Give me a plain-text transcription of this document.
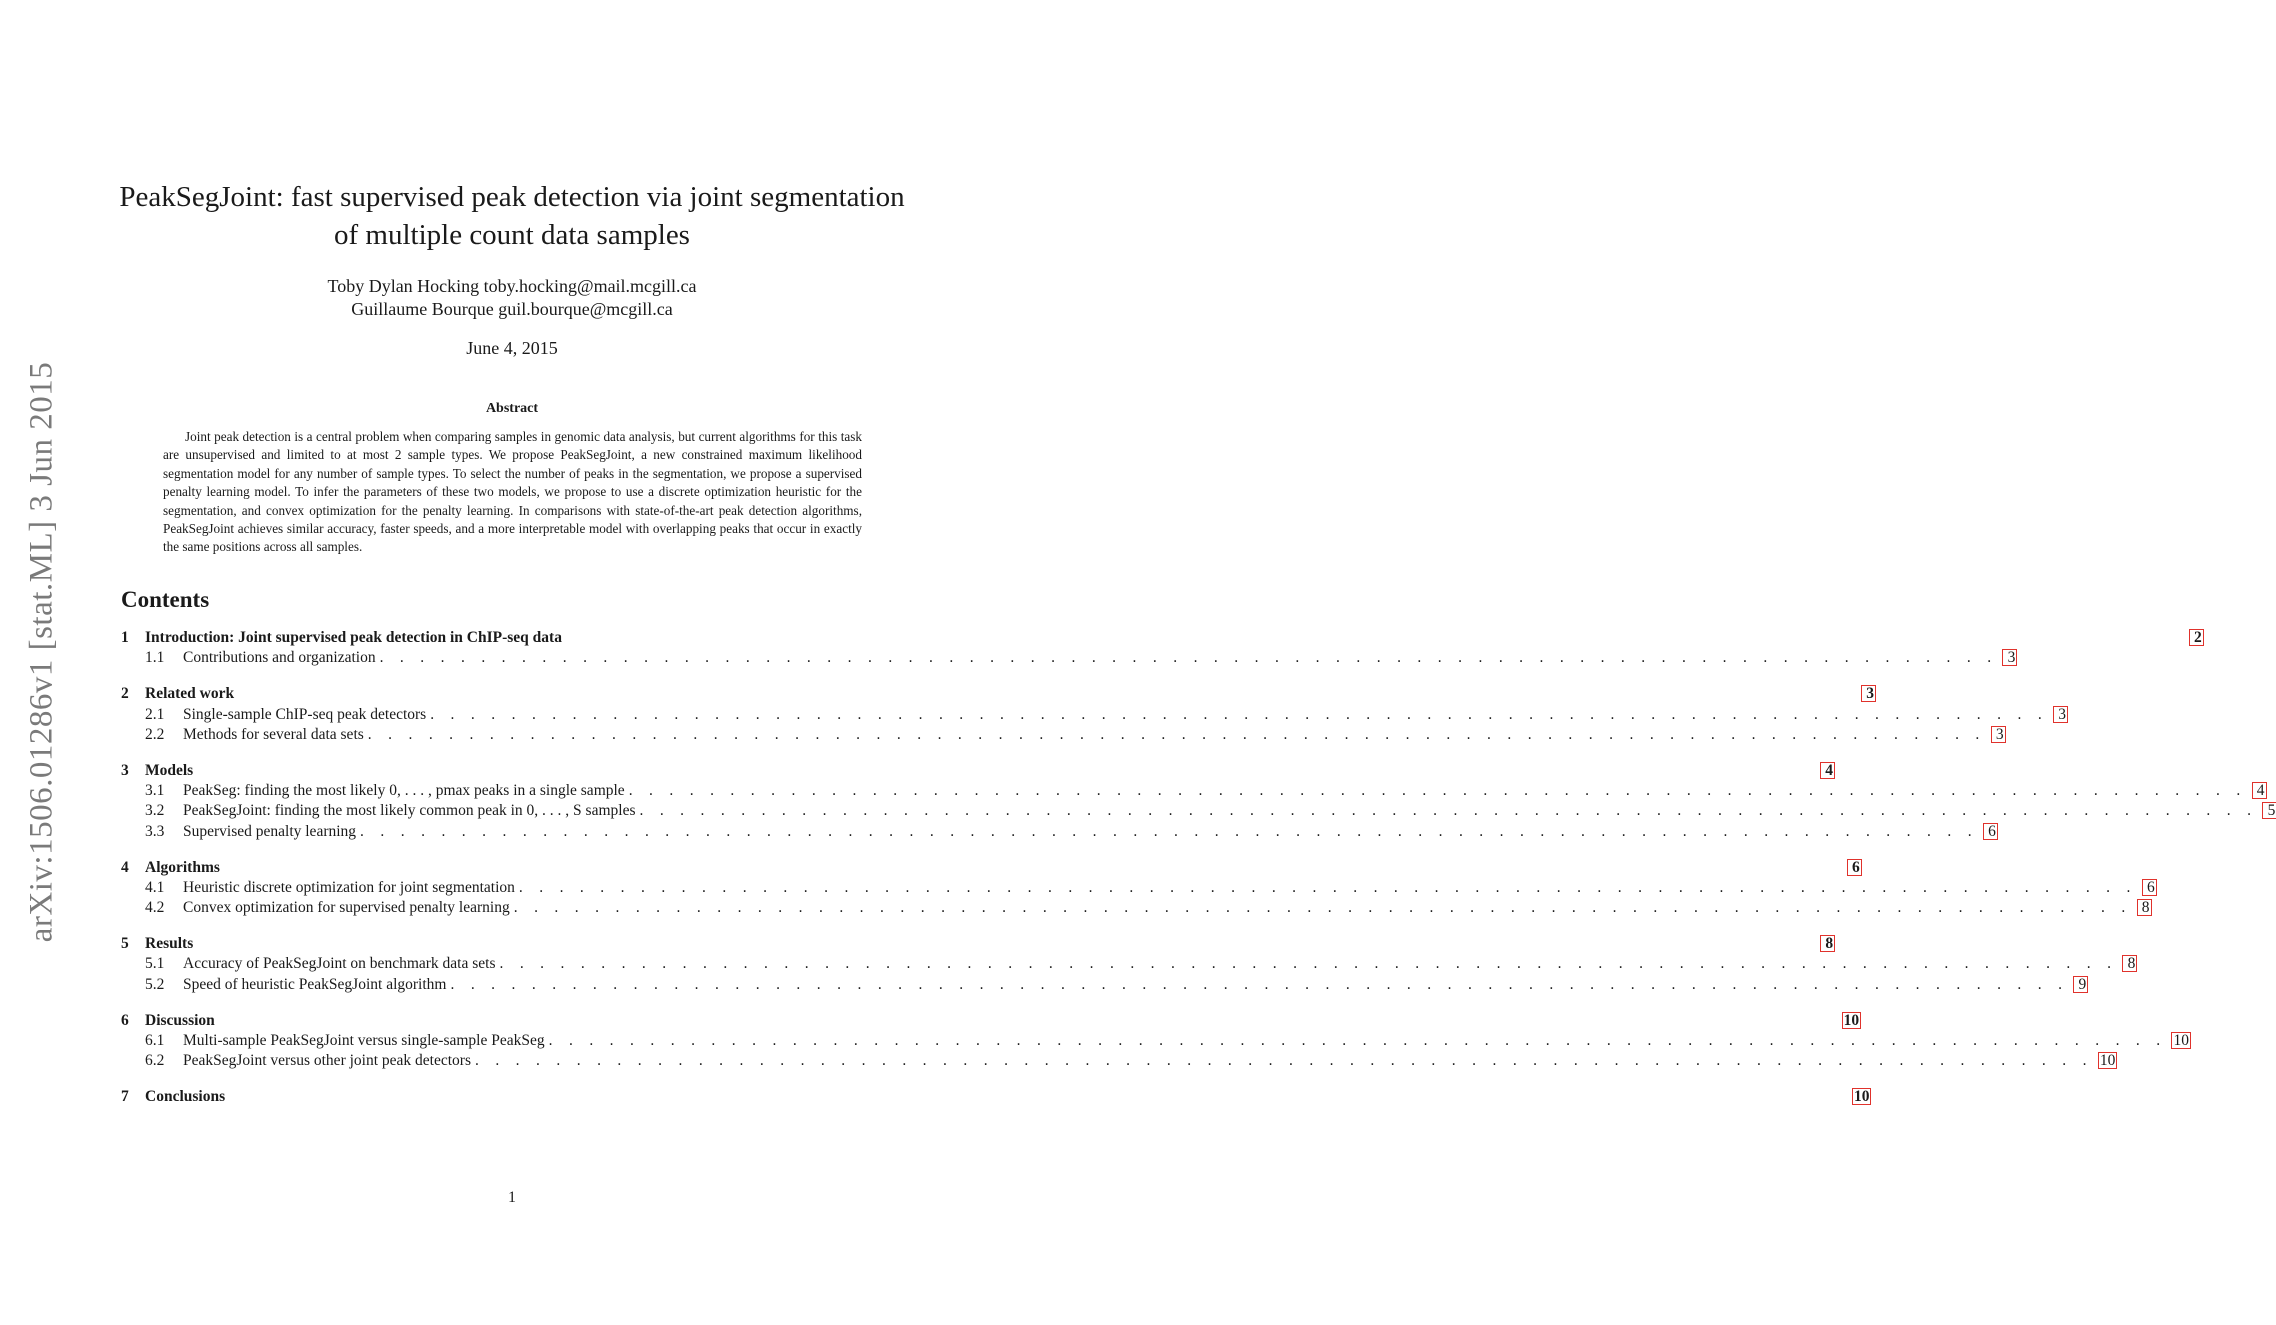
arXiv:1506.01286v1 [stat.ML] 3 Jun 2015
PeakSegJoint: fast supervised peak detection via joint segmentation of multiple count data samples
Toby Dylan Hocking toby.hocking@mail.mcgill.ca
Guillaume Bourque guil.bourque@mcgill.ca
June 4, 2015
Abstract

Joint peak detection is a central problem when comparing samples in genomic data analysis, but current algorithms for this task are unsupervised and limited to at most 2 sample types. We propose PeakSegJoint, a new constrained maximum likelihood segmentation model for any number of sample types. To select the number of peaks in the segmentation, we propose a supervised penalty learning model. To infer the parameters of these two models, we propose to use a discrete optimization heuristic for the segmentation, and convex optimization for the penalty learning. In comparisons with state-of-the-art peak detection algorithms, PeakSegJoint achieves similar accuracy, faster speeds, and a more interpretable model with overlapping peaks that occur in exactly the same positions across all samples.

Contents
1	Introduction: Joint supervised peak detection in ChIP-seq data	2
1.1	Contributions and organization . . . . . . . . . . . . . . . . . . . . . . . . . . . . . . . . . . . . . . . . . . . . . . . . . . . . . . . . . . . . . . . . . . . . . . . . . . . . . . . . 3
2	Related work	3
2.1	Single-sample ChIP-seq peak detectors . . . . . . . . . . . . . . . . . . . . . . . . . . . . . . . . . . . . . . . . . . . . . . . . . . . . . . . . . . . . . . . . . . . . . . . . . . . . . . . . 3
2.2	Methods for several data sets . . . . . . . . . . . . . . . . . . . . . . . . . . . . . . . . . . . . . . . . . . . . . . . . . . . . . . . . . . . . . . . . . . . . . . . . . . . . . . . . 3
3	Models	4
3.1	PeakSeg: finding the most likely 0, . . . , pmax peaks in a single sample . . . . . . . . . . . . . . . . . . . . . . . . . . . . . . . . . . . . . . . . . . . . . . . . . . . . . . . . . . . . . . . . . . . . . . . . . . . . . . . . 4
3.2	PeakSegJoint: finding the most likely common peak in 0, . . . , S samples . . . . . . . . . . . . . . . . . . . . . . . . . . . . . . . . . . . . . . . . . . . . . . . . . . . . . . . . . . . . . . . . . . . . . . . . . . . . . . . . 5
3.3	Supervised penalty learning . . . . . . . . . . . . . . . . . . . . . . . . . . . . . . . . . . . . . . . . . . . . . . . . . . . . . . . . . . . . . . . . . . . . . . . . . . . . . . . . 6
4	Algorithms	6
4.1	Heuristic discrete optimization for joint segmentation . . . . . . . . . . . . . . . . . . . . . . . . . . . . . . . . . . . . . . . . . . . . . . . . . . . . . . . . . . . . . . . . . . . . . . . . . . . . . . . . 6
4.2	Convex optimization for supervised penalty learning . . . . . . . . . . . . . . . . . . . . . . . . . . . . . . . . . . . . . . . . . . . . . . . . . . . . . . . . . . . . . . . . . . . . . . . . . . . . . . . . 8
5	Results	8
5.1	Accuracy of PeakSegJoint on benchmark data sets . . . . . . . . . . . . . . . . . . . . . . . . . . . . . . . . . . . . . . . . . . . . . . . . . . . . . . . . . . . . . . . . . . . . . . . . . . . . . . . . 8
5.2	Speed of heuristic PeakSegJoint algorithm . . . . . . . . . . . . . . . . . . . . . . . . . . . . . . . . . . . . . . . . . . . . . . . . . . . . . . . . . . . . . . . . . . . . . . . . . . . . . . . . 9
6	Discussion	10
6.1	Multi-sample PeakSegJoint versus single-sample PeakSeg . . . . . . . . . . . . . . . . . . . . . . . . . . . . . . . . . . . . . . . . . . . . . . . . . . . . . . . . . . . . . . . . . . . . . . . . . . . . . . . . 10
6.2	PeakSegJoint versus other joint peak detectors . . . . . . . . . . . . . . . . . . . . . . . . . . . . . . . . . . . . . . . . . . . . . . . . . . . . . . . . . . . . . . . . . . . . . . . . . . . . . . . . 10
7	Conclusions	10
1
